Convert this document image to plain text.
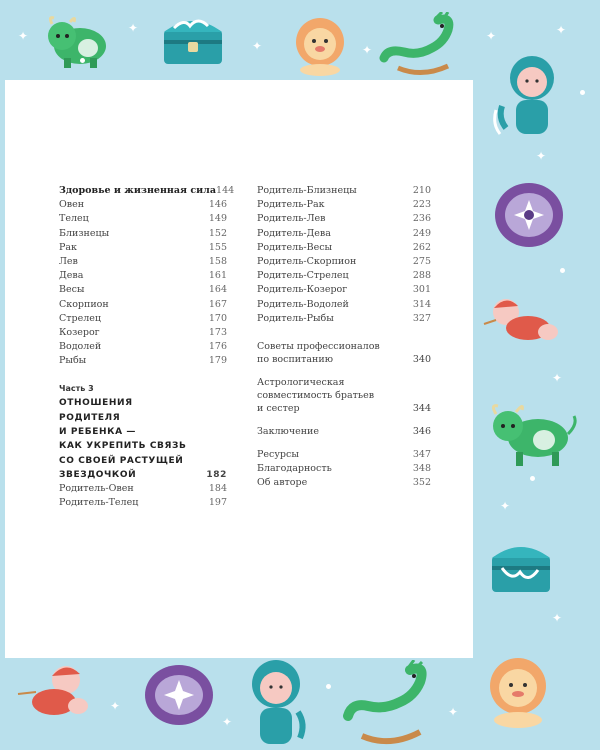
Здоровье и жизненная сила 144
Овен	146
Телец	149
Близнецы	152
Рак	155
Лев	158
Дева	161
Весы	164
Скорпион	167
Стрелец	170
Козерог	173
Водолей	176
Рыбы	179
Часть 3
ОТНОШЕНИЯ
РОДИТЕЛЯ
И РЕБЕНКА —
КАК УКРЕПИТЬ СВЯЗЬ
СО СВОЕЙ РАСТУЩЕЙ
ЗВЕЗДОЧКОЙ	182
Родитель-Овен	184
Родитель-Телец	197
Родитель-Близнецы	210
Родитель-Рак	223
Родитель-Лев	236
Родитель-Дева	249
Родитель-Весы	262
Родитель-Скорпион	275
Родитель-Стрелец	288
Родитель-Козерог	301
Родитель-Водолей	314
Родитель-Рыбы	327
Советы профессионалов
по воспитанию	340
Астрологическая
совместимость братьев
и сестер	344
Заключение	346
Ресурсы	347
Благодарность	348
Об авторе	352
✦
✦
✦	✦
✦	✦
✦
✦
✦
✦
✦
✦
✦
